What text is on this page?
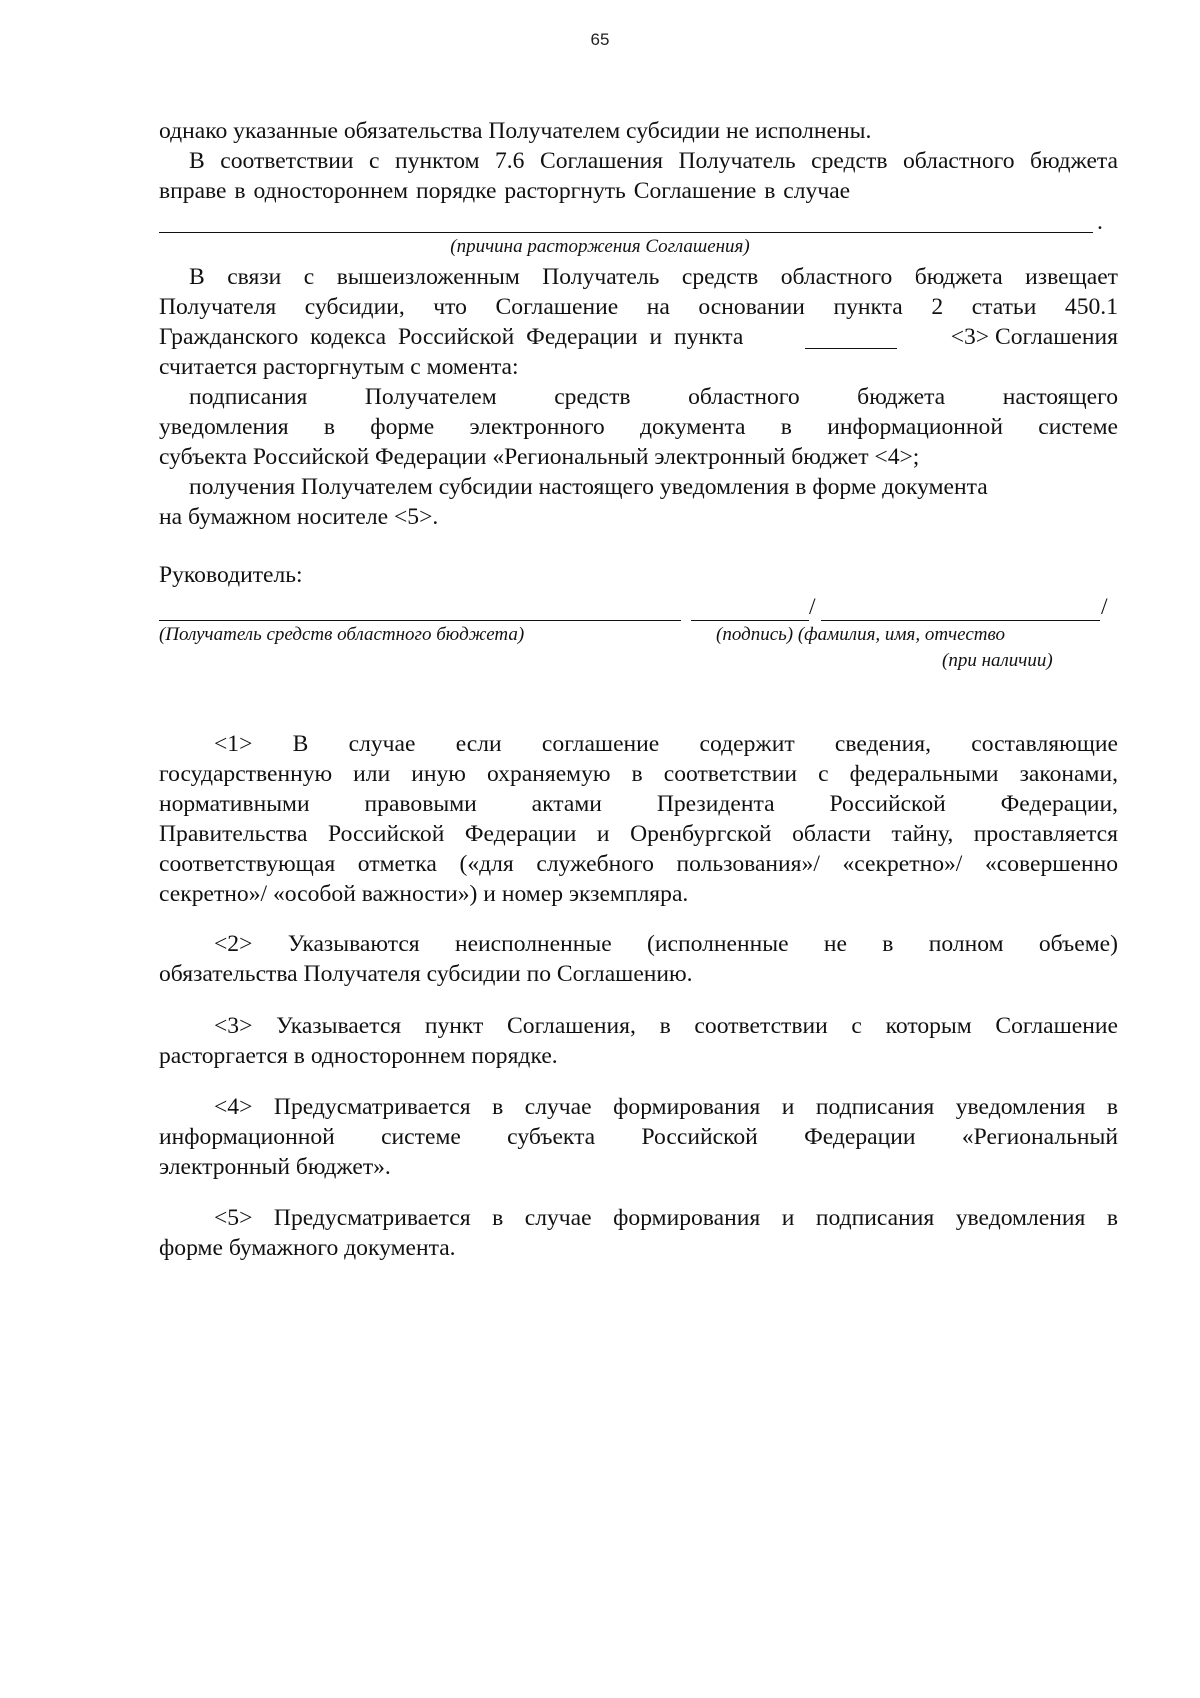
65
однако указанные обязательства Получателем субсидии не исполнены.
В соответствии с пунктом 7.6 Соглашения Получатель средств областного бюджета
вправе в одностороннем порядке расторгнуть Соглашение в случае
.
(причина расторжения Соглашения)
В связи с вышеизложенным Получатель средств областного бюджета извещает
Получателя субсидии, что Соглашение на основании пункта 2 статьи 450.1
Гражданского кодекса Российской Федерации и пункта	<3> Соглашения
считается расторгнутым с момента:
подписания Получателем средств областного бюджета настоящего
уведомления в форме электронного документа в информационной системе
субъекта Российской Федерации «Региональный электронный бюджет <4>;
получения Получателем субсидии настоящего уведомления в форме документа
на бумажном носителе <5>.
Руководитель:
/	/
(Получатель средств областного бюджета)	(подпись) (фамилия, имя, отчество
(при наличии)
<1> В случае если соглашение содержит сведения, составляющие
государственную или иную охраняемую в соответствии с федеральными законами,
нормативными правовыми актами Президента Российской Федерации,
Правительства Российской Федерации и Оренбургской области тайну, проставляется
соответствующая отметка («для служебного пользования»/ «секретно»/ «совершенно
секретно»/ «особой важности») и номер экземпляра.
<2> Указываются неисполненные (исполненные не в полном объеме)
обязательства Получателя субсидии по Соглашению.
<3> Указывается пункт Соглашения, в соответствии с которым Соглашение
расторгается в одностороннем порядке.
<4> Предусматривается в случае формирования и подписания уведомления в
информационной системе субъекта Российской Федерации «Региональный
электронный бюджет».
<5> Предусматривается в случае формирования и подписания уведомления в
форме бумажного документа.
